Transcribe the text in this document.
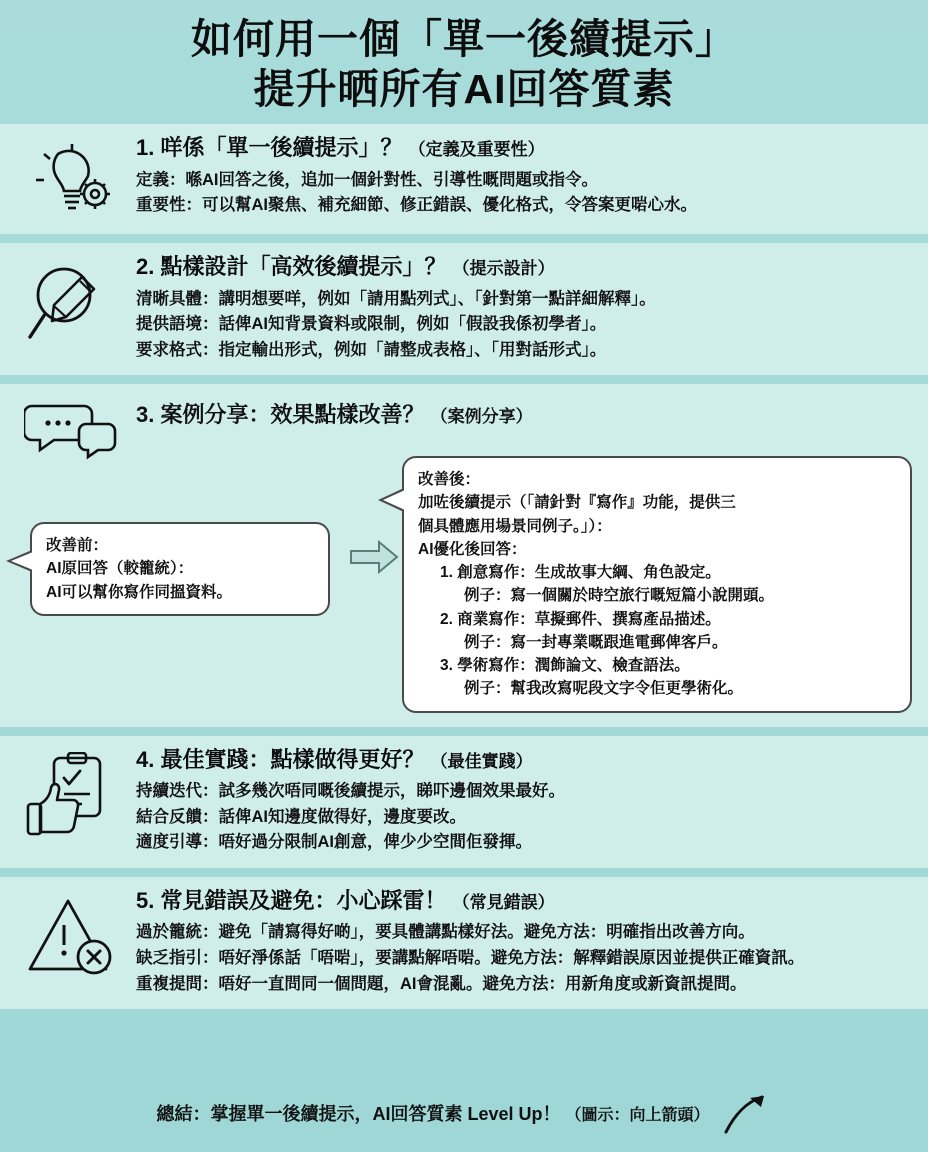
如何用一個「單一後續提示」
提升晒所有AI回答質素
1. 咩係「單一後續提示」？ （定義及重要性）
定義：喺AI回答之後，追加一個針對性、引導性嘅問題或指令。
重要性：可以幫AI聚焦、補充細節、修正錯誤、優化格式，令答案更啱心水。
2. 點樣設計「高效後續提示」？ （提示設計）
清晰具體：講明想要咩，例如「請用點列式」、「針對第一點詳細解釋」。
提供語境：話俾AI知背景資料或限制，例如「假設我係初學者」。
要求格式：指定輸出形式，例如「請整成表格」、「用對話形式」。
3. 案例分享：效果點樣改善？ （案例分享）
改善前：
AI原回答（較籠統）：
AI可以幫你寫作同搵資料。
改善後：
加咗後續提示（「請針對『寫作』功能，提供三
個具體應用場景同例子。」）：
AI優化後回答：
1. 創意寫作：生成故事大綱、角色設定。
例子：寫一個關於時空旅行嘅短篇小說開頭。
2. 商業寫作：草擬郵件、撰寫產品描述。
例子：寫一封專業嘅跟進電郵俾客戶。
3. 學術寫作：潤飾論文、檢查語法。
例子：幫我改寫呢段文字令佢更學術化。
4. 最佳實踐：點樣做得更好？ （最佳實踐）
持續迭代：試多幾次唔同嘅後續提示，睇吓邊個效果最好。
結合反饋：話俾AI知邊度做得好，邊度要改。
適度引導：唔好過分限制AI創意，俾少少空間佢發揮。
5. 常見錯誤及避免：小心踩雷！ （常見錯誤）
過於籠統：避免「請寫得好啲」，要具體講點樣好法。避免方法：明確指出改善方向。
缺乏指引：唔好淨係話「唔啱」，要講點解唔啱。避免方法：解釋錯誤原因並提供正確資訊。
重複提問：唔好一直問同一個問題，AI會混亂。避免方法：用新角度或新資訊提問。
總結：掌握單一後續提示，AI回答質素 Level Up！ （圖示：向上箭頭）
